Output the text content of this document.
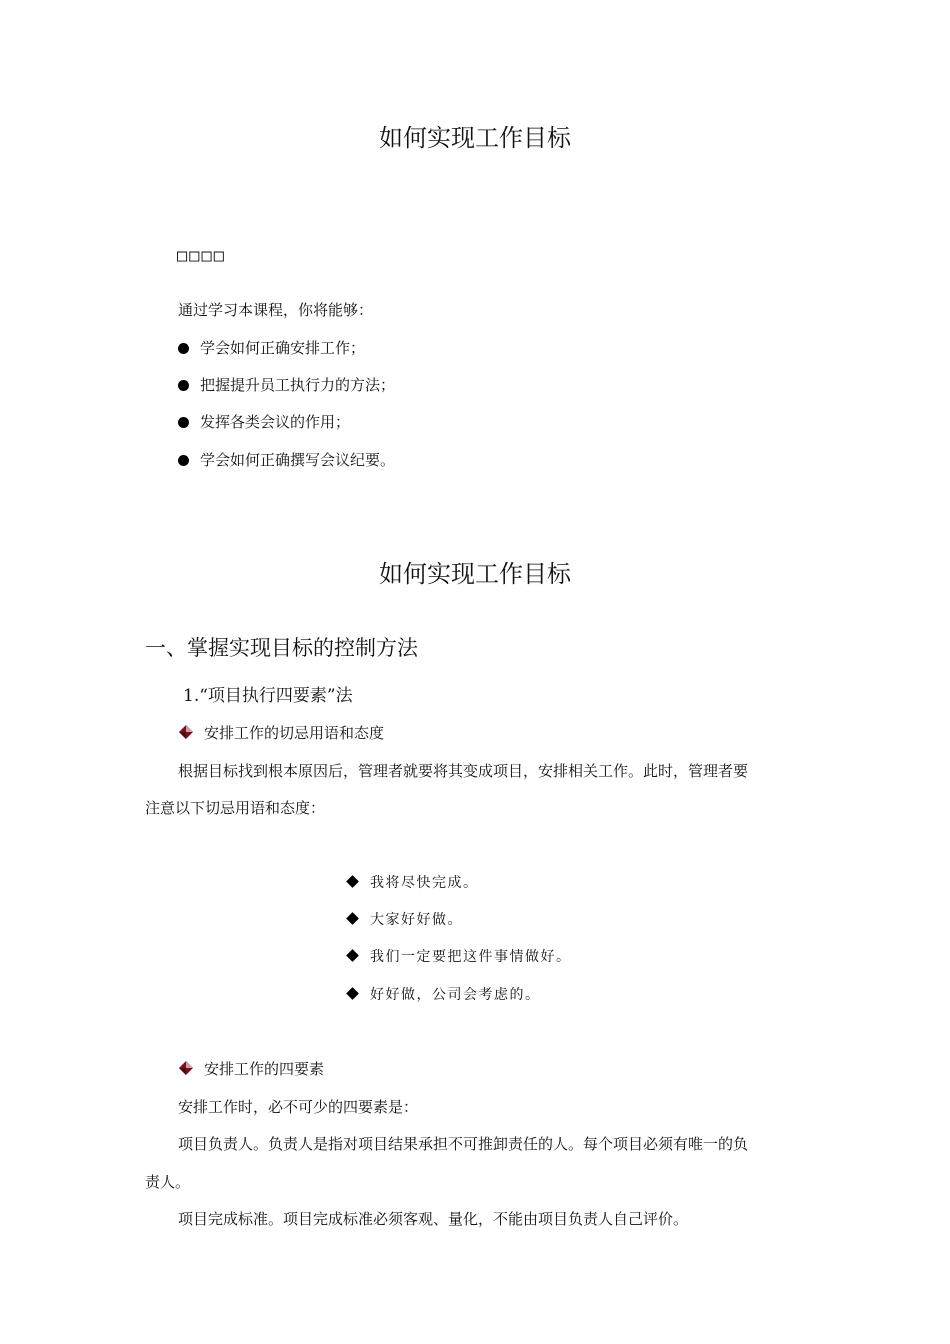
如何实现工作目标
□□□□
通过学习本课程，你将能够：
学会如何正确安排工作；
把握提升员工执行力的方法；
发挥各类会议的作用；
学会如何正确撰写会议纪要。
如何实现工作目标
一、掌握实现目标的控制方法
1.“项目执行四要素”法
安排工作的切忌用语和态度
根据目标找到根本原因后，管理者就要将其变成项目，安排相关工作。此时，管理者要
注意以下切忌用语和态度：
我将尽快完成。
大家好好做。
我们一定要把这件事情做好。
好好做，公司会考虑的。
安排工作的四要素
安排工作时，必不可少的四要素是：
项目负责人。负责人是指对项目结果承担不可推卸责任的人。每个项目必须有唯一的负
责人。
项目完成标准。项目完成标准必须客观、量化，不能由项目负责人自己评价。
